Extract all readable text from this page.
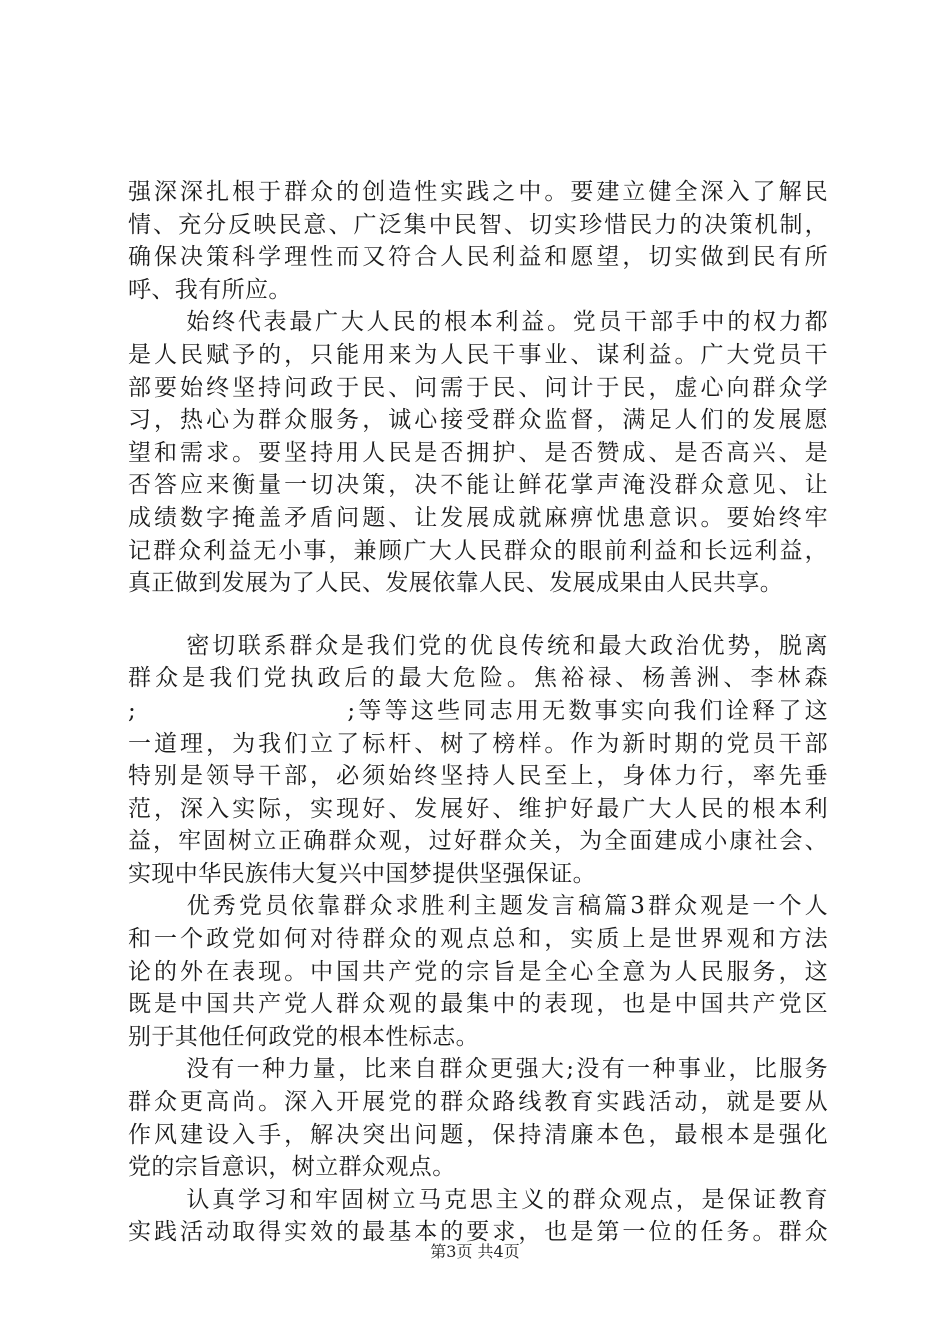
强深深扎根于群众的创造性实践之中。要建立健全深入了解民
情、充分反映民意、广泛集中民智、切实珍惜民力的决策机制，
确保决策科学理性而又符合人民利益和愿望，切实做到民有所
呼、我有所应。
始终代表最广大人民的根本利益。党员干部手中的权力都
是人民赋予的，只能用来为人民干事业、谋利益。广大党员干
部要始终坚持问政于民、问需于民、问计于民，虚心向群众学
习，热心为群众服务，诚心接受群众监督，满足人们的发展愿
望和需求。要坚持用人民是否拥护、是否赞成、是否高兴、是
否答应来衡量一切决策，决不能让鲜花掌声淹没群众意见、让
成绩数字掩盖矛盾问题、让发展成就麻痹忧患意识。要始终牢
记群众利益无小事，兼顾广大人民群众的眼前利益和长远利益，
真正做到发展为了人民、发展依靠人民、发展成果由人民共享。
密切联系群众是我们党的优良传统和最大政治优势，脱离
群众是我们党执政后的最大危险。焦裕禄、杨善洲、李林森
;                    ;等等这些同志用无数事实向我们诠释了这
一道理，为我们立了标杆、树了榜样。作为新时期的党员干部
特别是领导干部，必须始终坚持人民至上，身体力行，率先垂
范，深入实际，实现好、发展好、维护好最广大人民的根本利
益，牢固树立正确群众观，过好群众关，为全面建成小康社会、
实现中华民族伟大复兴中国梦提供坚强保证。
优秀党员依靠群众求胜利主题发言稿篇3群众观是一个人
和一个政党如何对待群众的观点总和，实质上是世界观和方法
论的外在表现。中国共产党的宗旨是全心全意为人民服务，这
既是中国共产党人群众观的最集中的表现，也是中国共产党区
别于其他任何政党的根本性标志。
没有一种力量，比来自群众更强大;没有一种事业，比服务
群众更高尚。深入开展党的群众路线教育实践活动，就是要从
作风建设入手，解决突出问题，保持清廉本色，最根本是强化
党的宗旨意识，树立群众观点。
认真学习和牢固树立马克思主义的群众观点，是保证教育
实践活动取得实效的最基本的要求，也是第一位的任务。群众
第3页 共4页
